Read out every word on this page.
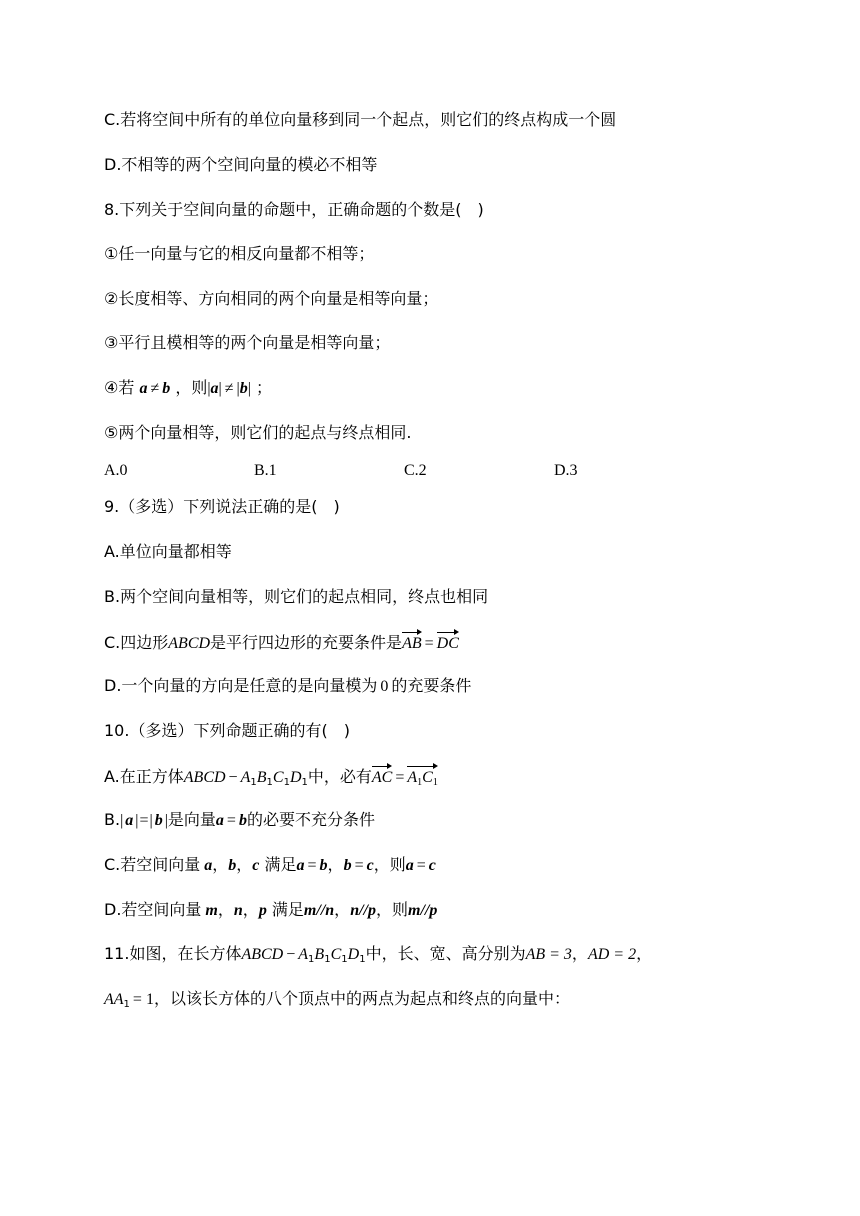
C.若将空间中所有的单位向量移到同一个起点，则它们的终点构成一个圆
D.不相等的两个空间向量的模必不相等
8.下列关于空间向量的命题中，正确命题的个数是(　)
①任一向量与它的相反向量都不相等；
②长度相等、方向相同的两个向量是相等向量；
③平行且模相等的两个向量是相等向量；
④若 a ≠ b ，则|a| ≠ |b| ；
⑤两个向量相等，则它们的起点与终点相同.
A.0	B.1	C.2	D.3
9.（多选）下列说法正确的是(　)
A.单位向量都相等
B.两个空间向量相等，则它们的起点相同，终点也相同
C.四边形ABCD是平行四边形的充要条件是AB = DC
D.一个向量的方向是任意的是向量模为 0 的充要条件
10.（多选）下列命题正确的有(　)
A.在正方体ABCD − $A_1B_1C_1D_1$中，必有AC = $A_1C_1$
B.| a |=| b |是向量a = b的必要不充分条件
C.若空间向量 a，b，c 满足a = b，b = c，则a = c
D.若空间向量 m，n，p 满足m//n，n//p，则m//p
11.如图，在长方体ABCD − $A_1B_1C_1D_1$中，长、宽、高分别为AB = 3，AD = 2，
$AA_1 = 1$，以该长方体的八个顶点中的两点为起点和终点的向量中：
